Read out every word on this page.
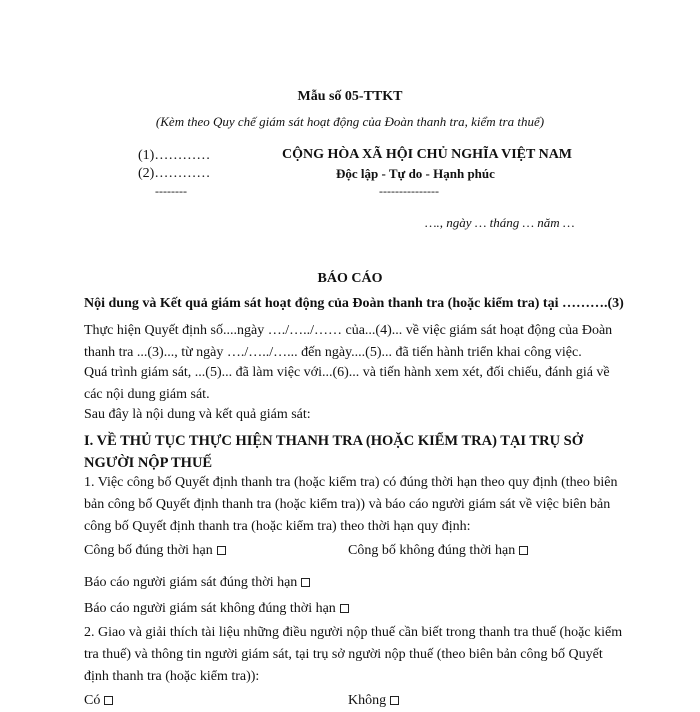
Mẫu số 05-TTKT
(Kèm theo Quy chế giám sát hoạt động của Đoàn thanh tra, kiểm tra thuế)
(1)…………
(2)…………
--------
CỘNG HÒA XÃ HỘI CHỦ NGHĨA VIỆT NAM
Độc lập - Tự do - Hạnh phúc
---------------
…., ngày … tháng … năm …
BÁO CÁO
Nội dung và Kết quả giám sát hoạt động của Đoàn thanh tra (hoặc kiểm tra) tại ……….(3)
Thực hiện Quyết định số....ngày …./…../…… của...(4)... về việc giám sát hoạt động của Đoàn thanh tra ...(3)..., từ ngày …./…../…... đến ngày....(5)... đã tiến hành triển khai công việc.
Quá trình giám sát, ...(5)... đã làm việc với...(6)... và tiến hành xem xét, đối chiếu, đánh giá về các nội dung giám sát.
Sau đây là nội dung và kết quả giám sát:
I. VỀ THỦ TỤC THỰC HIỆN THANH TRA (HOẶC KIỂM TRA) TẠI TRỤ SỞ NGƯỜI NỘP THUẾ
1. Việc công bố Quyết định thanh tra (hoặc kiểm tra) có đúng thời hạn theo quy định (theo biên bản công bố Quyết định thanh tra (hoặc kiểm tra)) và báo cáo người giám sát về việc biên bản công bố Quyết định thanh tra (hoặc kiểm tra) theo thời hạn quy định:
Công bố đúng thời hạn	Công bố không đúng thời hạn
Báo cáo người giám sát đúng thời hạn
Báo cáo người giám sát không đúng thời hạn
2. Giao và giải thích tài liệu những điều người nộp thuế cần biết trong thanh tra thuế (hoặc kiểm tra thuế) và thông tin người giám sát, tại trụ sở người nộp thuế (theo biên bản công bố Quyết định thanh tra (hoặc kiểm tra)):
Có	Không
